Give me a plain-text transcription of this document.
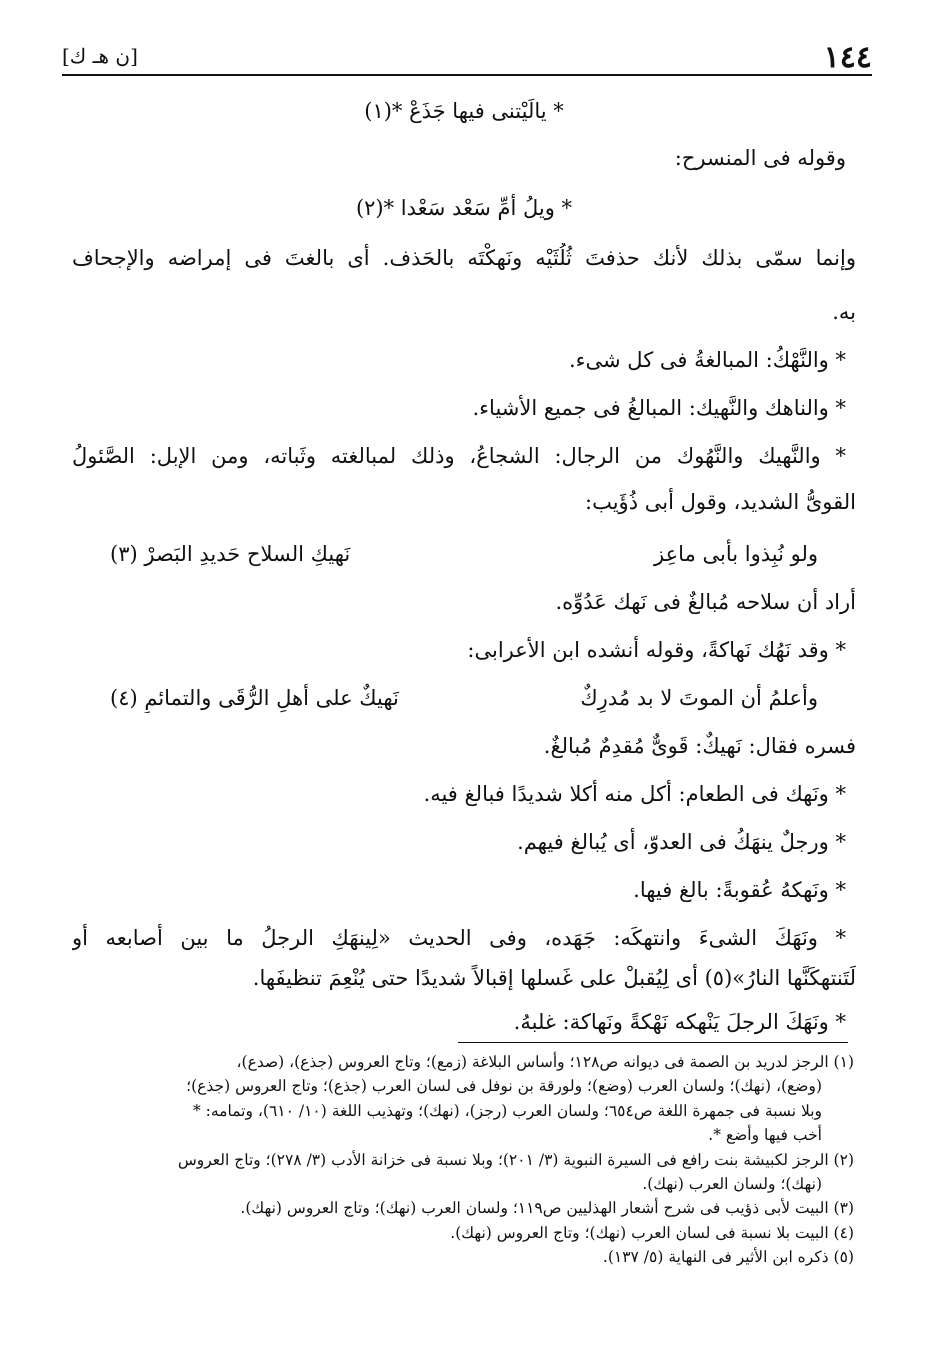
١٤٤
[ن هـ ك]

* يالَيْتنى فيها جَذَعْ *(١)

وقوله فى المنسرح:

* ويلُ أمِّ سَعْد سَعْدا *(٢)

وإنما سمّى بذلك لأنك حذفتَ ثُلُثَيْه ونَهكْتَه بالحَذف. أى بالغتَ فى إمراضه والإجحاف

به.

* والنَّهْكُ: المبالغةُ فى كل شىء.

* والناهك والنَّهيك: المبالغُ فى جميع الأشياء.

* والنَّهيك والنَّهُوك من الرجال: الشجاعُ، وذلك لمبالغته وثَباته، ومن الإبل: الصَّئولُ

القوىُّ الشديد، وقول أبى ذُؤَيب:

ولو نُبِذوا بأبى ماعِز
نَهيكِ السلاح حَديدِ البَصرْ (٣)

أراد أن سلاحه مُبالغٌ فى نَهك عَدُوِّه.

* وقد نَهُك نَهاكةً، وقوله أنشده ابن الأعرابى:

وأعلمُ أن الموتَ لا بد مُدرِكٌ
نَهيكٌ على أهلِ الرُّقَى والتمائمِ (٤)

فسره فقال: نَهيكٌ: قَوىٌّ مُقدِمٌ مُبالغٌ.

* ونَهك فى الطعام: أكل منه أكلا شديدًا فبالغ فيه.

* ورجلٌ ينهَكُ فى العدوّ، أى يُبالغ فيهم.

* ونَهكهُ عُقوبةً: بالغ فيها.

* ونَهَكَ الشىءَ وانتهكَه: جَهَده، وفى الحديث «لِينهَكِ الرجلُ ما بين أصابعه أو

لَتَنتهكَنَّها النارُ»(٥) أى لِيُقبلْ على غَسلها إقبالاً شديدًا حتى يُنْعِمَ تنظيفَها.

* ونَهَكَ الرجلَ يَنْهكه نَهْكةً ونَهاكة: غلبهُ.

(١) الرجز لدريد بن الصمة فى ديوانه ص١٢٨؛ وأساس البلاغة (زمع)؛ وتاج العروس (جذع)، (صدع)،

(وضع)، (نهك)؛ ولسان العرب (وضع)؛ ولورقة بن نوفل فى لسان العرب (جذع)؛ وتاج العروس (جذع)؛

وبلا نسبة فى جمهرة اللغة ص٦٥٤؛ ولسان العرب (رجز)، (نهك)؛ وتهذيب اللغة (١٠/ ٦١٠)، وتمامه: *

أخب فيها وأضع *.

(٢) الرجز لكبيشة بنت رافع فى السيرة النبوية (٣/ ٢٠١)؛ وبلا نسبة فى خزانة الأدب (٣/ ٢٧٨)؛ وتاج العروس

(نهك)؛ ولسان العرب (نهك).

(٣) البيت لأبى ذؤيب فى شرح أشعار الهذليين ص١١٩؛ ولسان العرب (نهك)؛ وتاج العروس (نهك).

(٤) البيت بلا نسبة فى لسان العرب (نهك)؛ وتاج العروس (نهك).

(٥) ذكره ابن الأثير فى النهاية (٥/ ١٣٧).
